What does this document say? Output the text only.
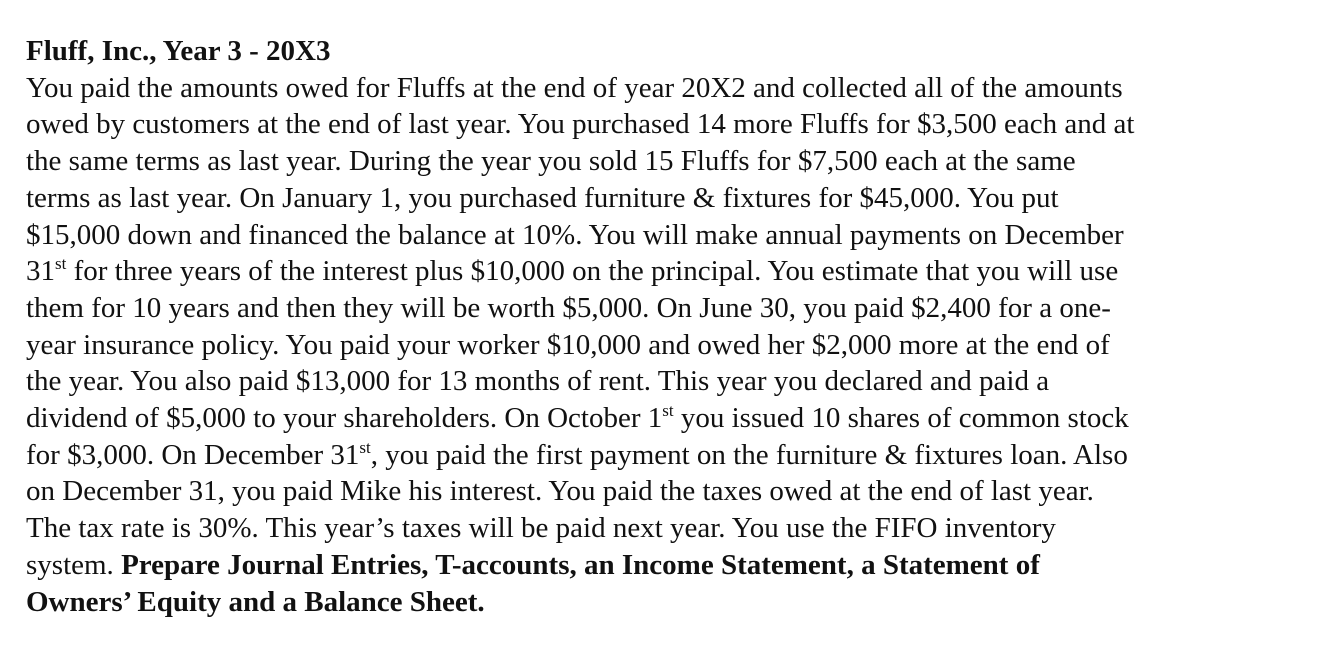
Fluff, Inc., Year 3 - 20X3
You paid the amounts owed for Fluffs at the end of year 20X2 and collected all of the amounts
owed by customers at the end of last year. You purchased 14 more Fluffs for $3,500 each and at
the same terms as last year. During the year you sold 15 Fluffs for $7,500 each at the same
terms as last year. On January 1, you purchased furniture & fixtures for $45,000. You put
$15,000 down and financed the balance at 10%. You will make annual payments on December
31st for three years of the interest plus $10,000 on the principal. You estimate that you will use
them for 10 years and then they will be worth $5,000. On June 30, you paid $2,400 for a one-
year insurance policy. You paid your worker $10,000 and owed her $2,000 more at the end of
the year. You also paid $13,000 for 13 months of rent. This year you declared and paid a
dividend of $5,000 to your shareholders. On October 1st you issued 10 shares of common stock
for $3,000. On December 31st, you paid the first payment on the furniture & fixtures loan. Also
on December 31, you paid Mike his interest. You paid the taxes owed at the end of last year.
The tax rate is 30%. This year’s taxes will be paid next year. You use the FIFO inventory
system. Prepare Journal Entries, T-accounts, an Income Statement, a Statement of
Owners’ Equity and a Balance Sheet.
